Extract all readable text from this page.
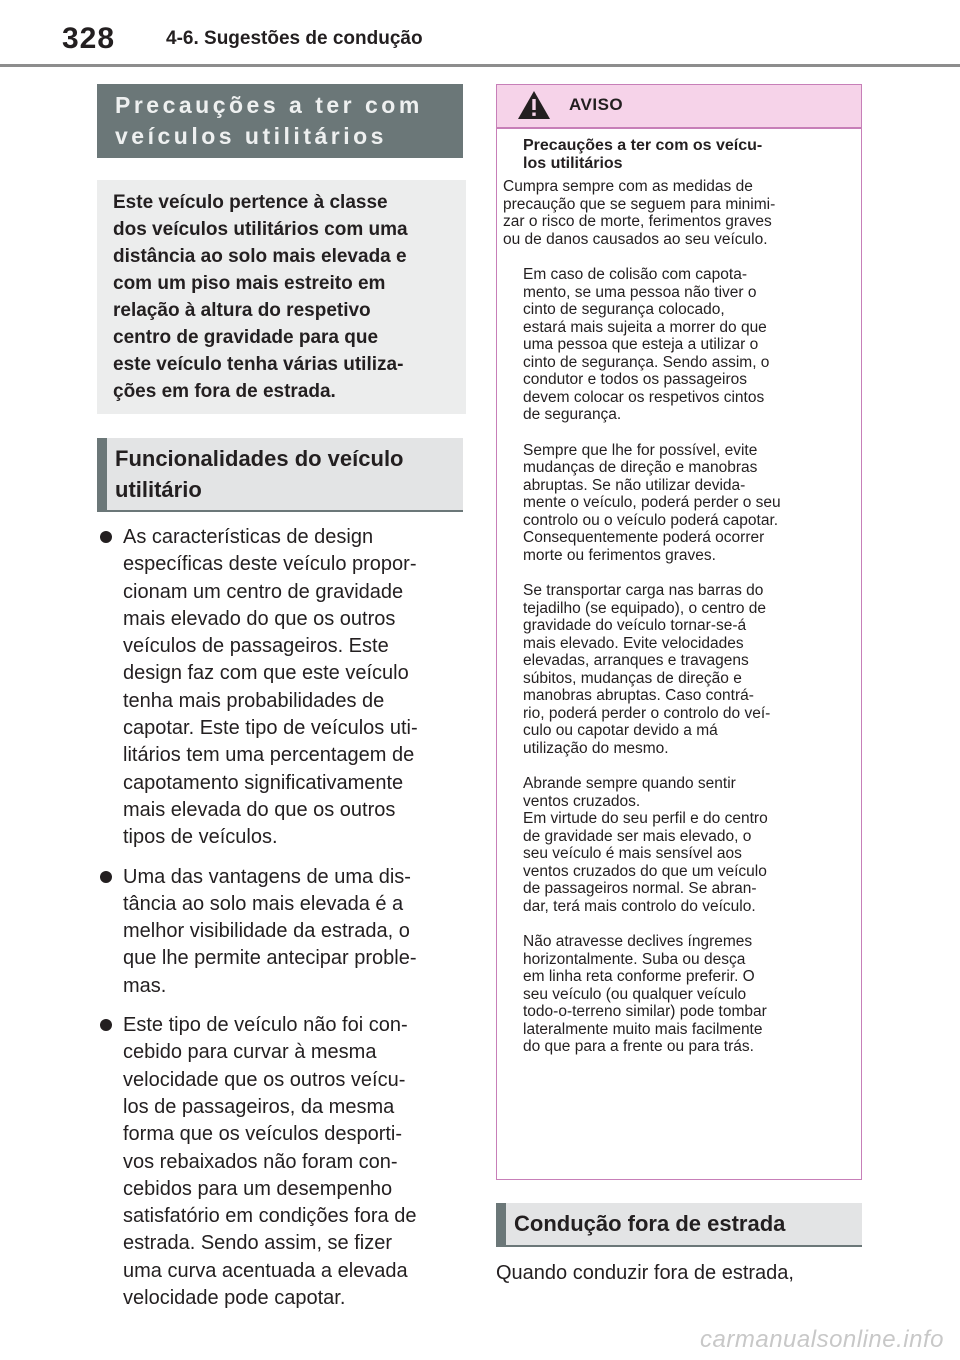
328	4-6. Sugestões de condução
Precauções a ter com
veículos utilitários
Este veículo pertence à classe
dos veículos utilitários com uma
distância ao solo mais elevada e
com um piso mais estreito em
relação à altura do respetivo
centro de gravidade para que
este veículo tenha várias utiliza-
ções em fora de estrada.
Funcionalidades do veículo
utilitário
As características de design
específicas deste veículo propor-
cionam um centro de gravidade
mais elevado do que os outros
veículos de passageiros. Este
design faz com que este veículo
tenha mais probabilidades de
capotar. Este tipo de veículos uti-
litários tem uma percentagem de
capotamento significativamente
mais elevada do que os outros
tipos de veículos.
Uma das vantagens de uma dis-
tância ao solo mais elevada é a
melhor visibilidade da estrada, o
que lhe permite antecipar proble-
mas.
Este tipo de veículo não foi con-
cebido para curvar à mesma
velocidade que os outros veícu-
los de passageiros, da mesma
forma que os veículos desporti-
vos rebaixados não foram con-
cebidos para um desempenho
satisfatório em condições fora de
estrada. Sendo assim, se fizer
uma curva acentuada a elevada
velocidade pode capotar.
AVISO
Precauções a ter com os veícu-
los utilitários
Cumpra sempre com as medidas de
precaução que se seguem para minimi-
zar o risco de morte, ferimentos graves
ou de danos causados ao seu veículo.
Em caso de colisão com capota-
mento, se uma pessoa não tiver o
cinto de segurança colocado,
estará mais sujeita a morrer do que
uma pessoa que esteja a utilizar o
cinto de segurança. Sendo assim, o
condutor e todos os passageiros
devem colocar os respetivos cintos
de segurança.
Sempre que lhe for possível, evite
mudanças de direção e manobras
abruptas. Se não utilizar devida-
mente o veículo, poderá perder o seu
controlo ou o veículo poderá capotar.
Consequentemente poderá ocorrer
morte ou ferimentos graves.
Se transportar carga nas barras do
tejadilho (se equipado), o centro de
gravidade do veículo tornar-se-á
mais elevado. Evite velocidades
elevadas, arranques e travagens
súbitos, mudanças de direção e
manobras abruptas. Caso contrá-
rio, poderá perder o controlo do veí-
culo ou capotar devido a má
utilização do mesmo.
Abrande sempre quando sentir
ventos cruzados.
Em virtude do seu perfil e do centro
de gravidade ser mais elevado, o
seu veículo é mais sensível aos
ventos cruzados do que um veículo
de passageiros normal. Se abran-
dar, terá mais controlo do veículo.
Não atravesse declives íngremes
horizontalmente. Suba ou desça
em linha reta conforme preferir. O
seu veículo (ou qualquer veículo
todo-o-terreno similar) pode tombar
lateralmente muito mais facilmente
do que para a frente ou para trás.
Condução fora de estrada
Quando conduzir fora de estrada,
carmanualsonline.info
